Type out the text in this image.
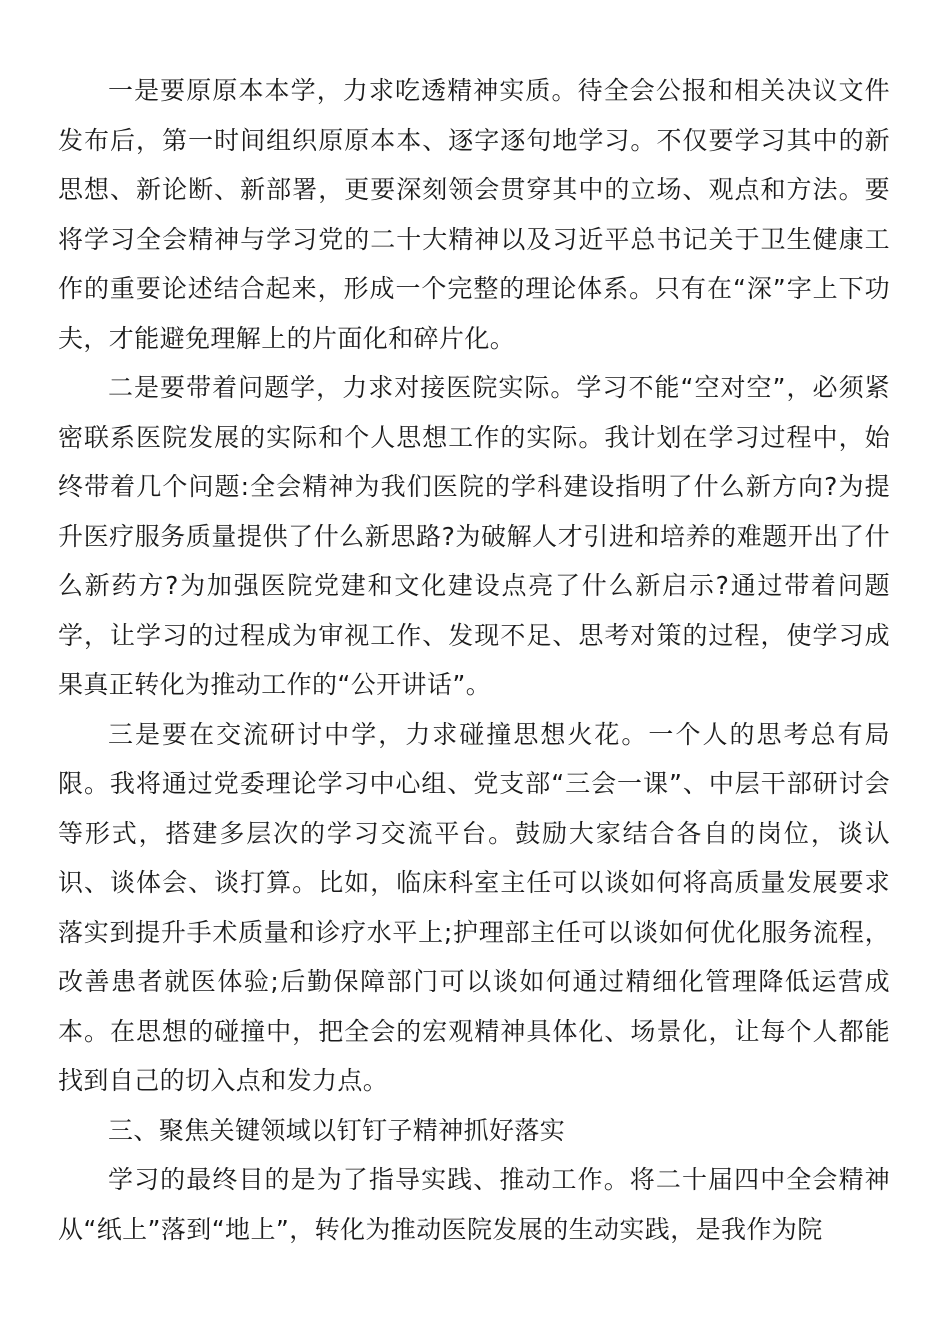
一是要原原本本学，力求吃透精神实质。待全会公报和相关决议文件发布后，第一时间组织原原本本、逐字逐句地学习。不仅要学习其中的新思想、新论断、新部署，更要深刻领会贯穿其中的立场、观点和方法。要将学习全会精神与学习党的二十大精神以及习近平总书记关于卫生健康工作的重要论述结合起来，形成一个完整的理论体系。只有在“深”字上下功夫，才能避免理解上的片面化和碎片化。

二是要带着问题学，力求对接医院实际。学习不能“空对空”，必须紧密联系医院发展的实际和个人思想工作的实际。我计划在学习过程中，始终带着几个问题:全会精神为我们医院的学科建设指明了什么新方向?为提升医疗服务质量提供了什么新思路?为破解人才引进和培养的难题开出了什么新药方?为加强医院党建和文化建设点亮了什么新启示?通过带着问题学，让学习的过程成为审视工作、发现不足、思考对策的过程，使学习成果真正转化为推动工作的“公开讲话”。

三是要在交流研讨中学，力求碰撞思想火花。一个人的思考总有局限。我将通过党委理论学习中心组、党支部“三会一课”、中层干部研讨会等形式，搭建多层次的学习交流平台。鼓励大家结合各自的岗位，谈认识、谈体会、谈打算。比如，临床科室主任可以谈如何将高质量发展要求落实到提升手术质量和诊疗水平上;护理部主任可以谈如何优化服务流程，改善患者就医体验;后勤保障部门可以谈如何通过精细化管理降低运营成本。在思想的碰撞中，把全会的宏观精神具体化、场景化，让每个人都能找到自己的切入点和发力点。

三、聚焦关键领域以钉钉子精神抓好落实

学习的最终目的是为了指导实践、推动工作。将二十届四中全会精神从“纸上”落到“地上”，转化为推动医院发展的生动实践，是我作为院
